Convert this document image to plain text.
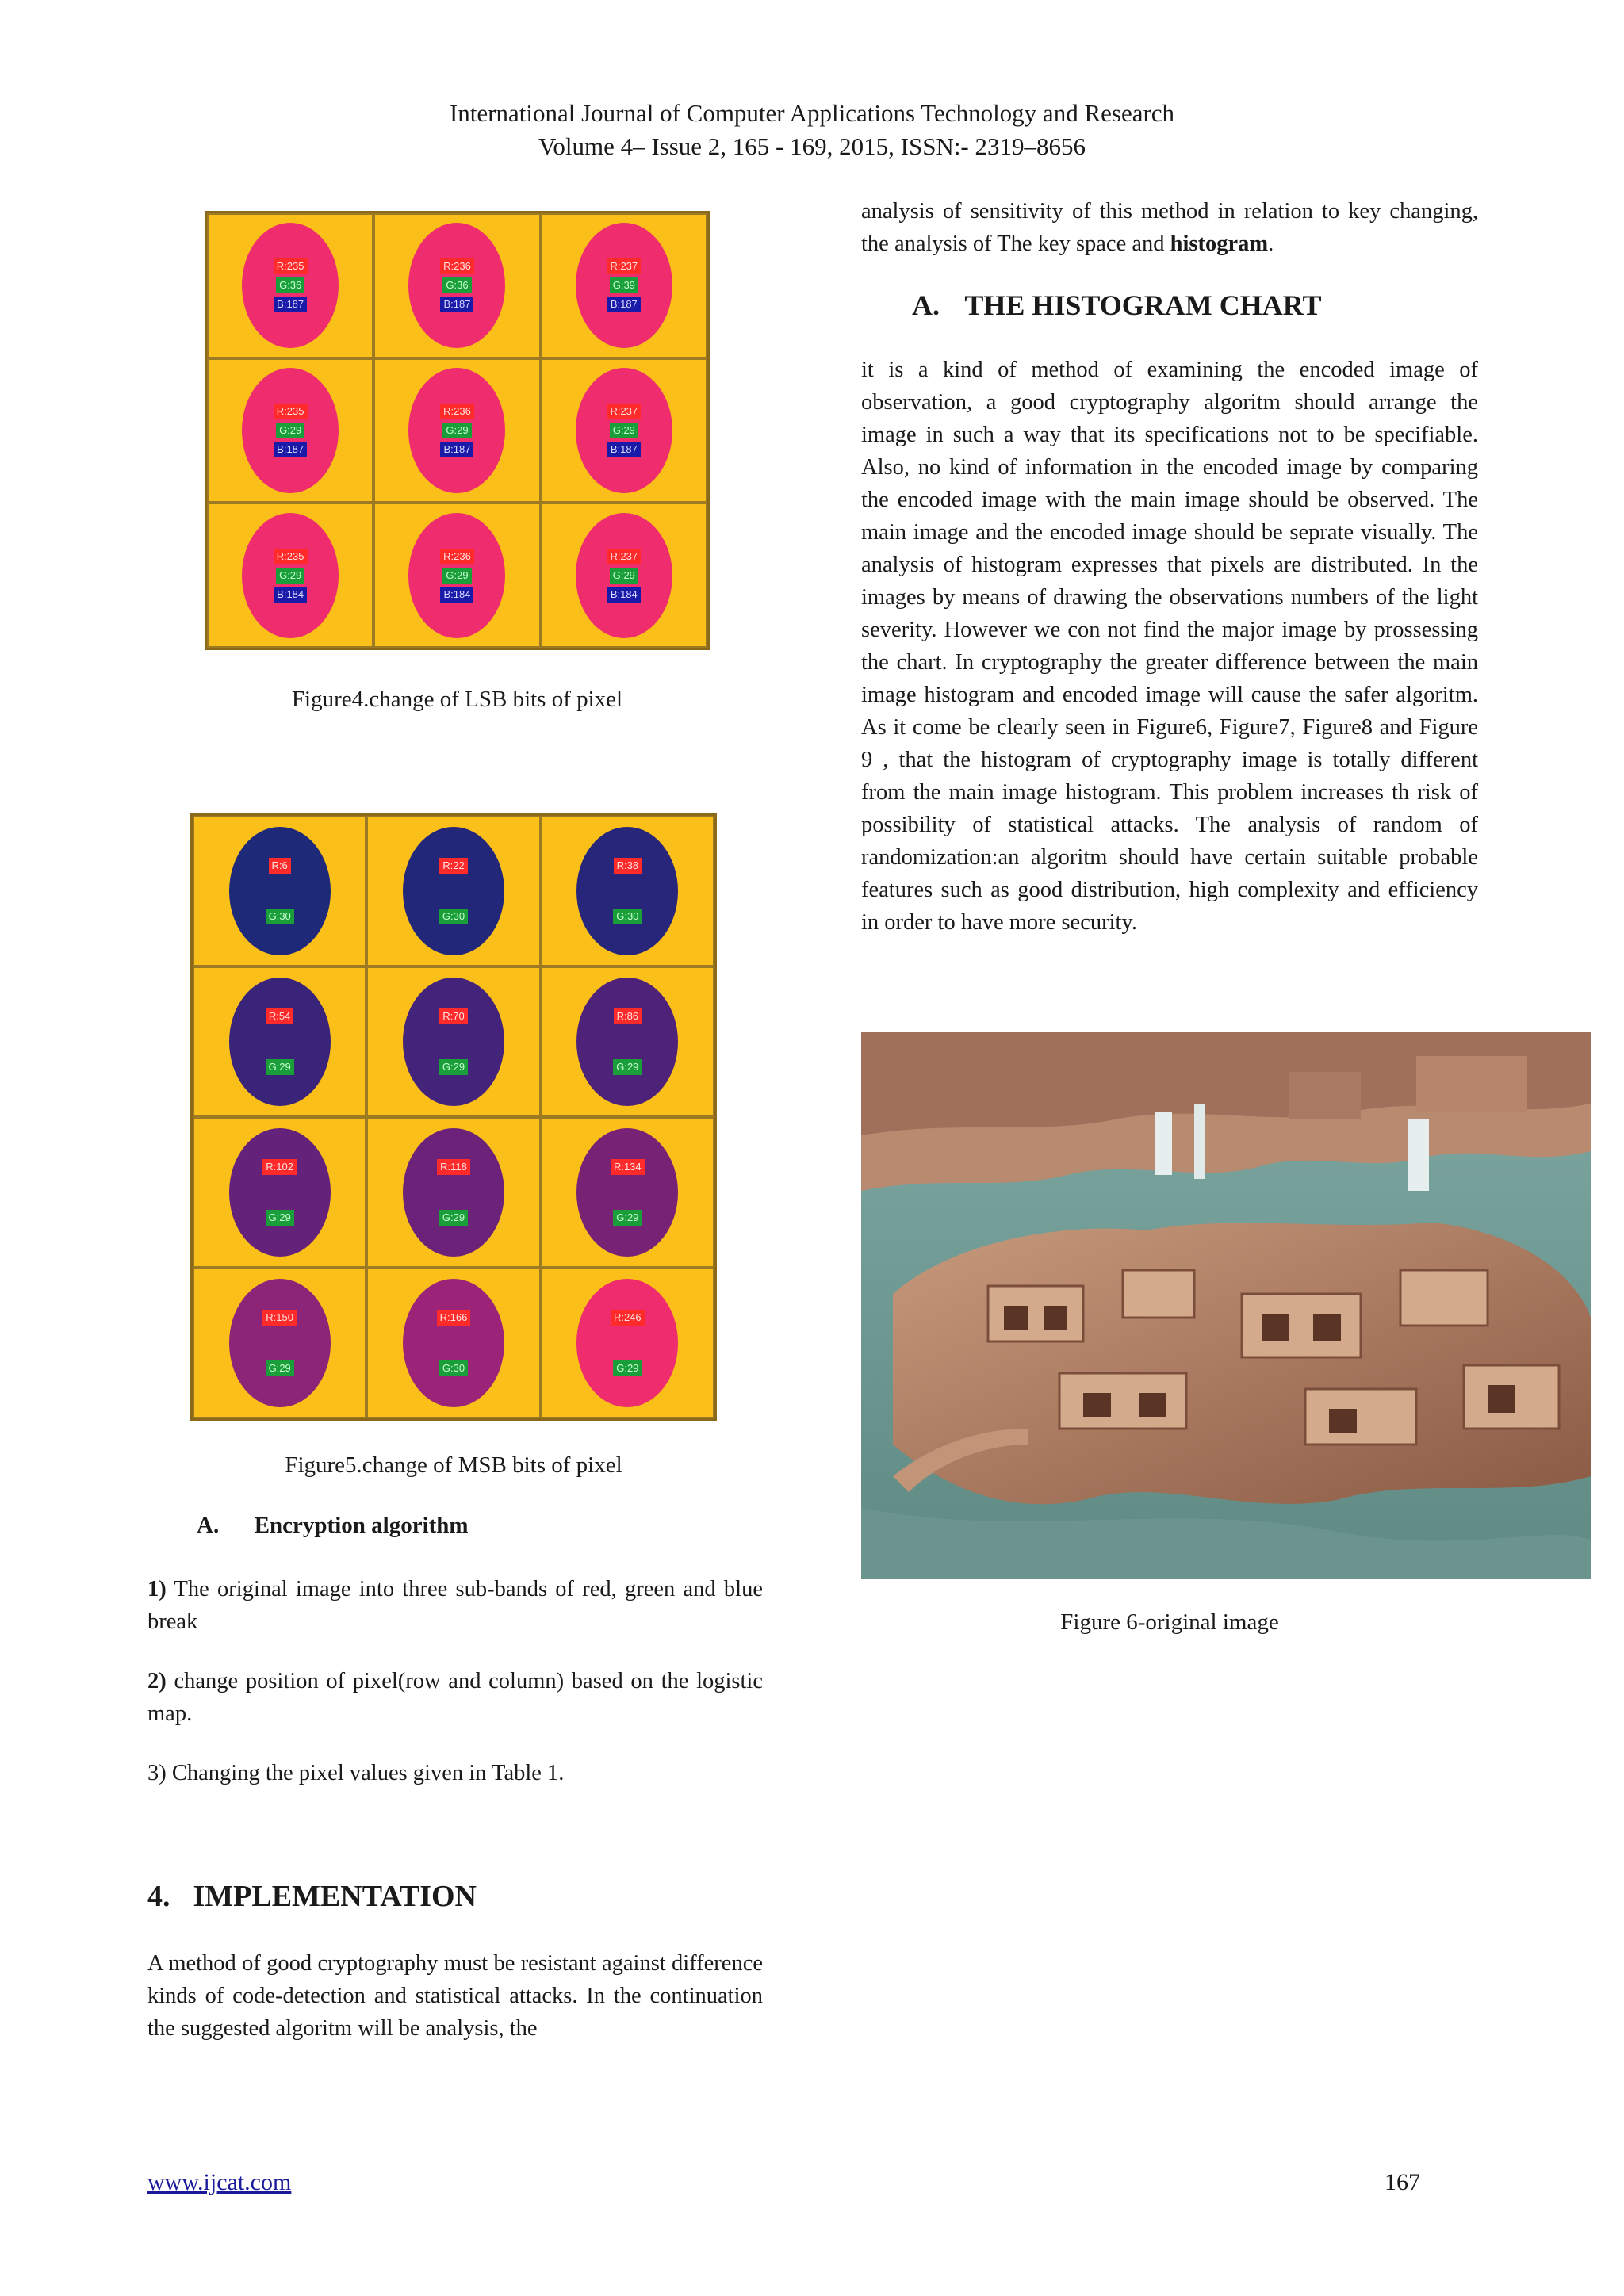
International Journal of Computer Applications Technology and Research
Volume 4– Issue 2, 165 - 169, 2015, ISSN:- 2319–8656
R:235
G:36
B:187
R:236
G:36
B:187
R:237
G:39
B:187
R:235
G:29
B:187
R:236
G:29
B:187
R:237
G:29
B:187
R:235
G:29
B:184
R:236
G:29
B:184
R:237
G:29
B:184
Figure4.change of LSB bits of pixel
R:6
G:30
R:22
G:30
R:38
G:30
R:54
G:29
R:70
G:29
R:86
G:29
R:102
G:29
R:118
G:29
R:134
G:29
R:150
G:29
R:166
G:30
R:246
G:29
Figure5.change of MSB bits of pixel
A. Encryption algorithm

1) The original image into three sub-bands of red, green and blue break

2) change position of pixel(row and column) based on the logistic map.

3) Changing the pixel values given in Table 1.
4. IMPLEMENTATION
A method of good cryptography must be resistant against difference kinds of code-detection and statistical attacks. In the continuation the suggested algoritm will be analysis, the

analysis of sensitivity of this method in relation to key changing, the analysis of The key space and histogram.

A. THE HISTOGRAM CHART
it is a kind of method of examining the encoded image of observation, a good cryptography algoritm should arrange the image in such a way that its specifications not to be specifiable. Also, no kind of information in the encoded image by comparing the encoded image with the main image should be observed. The main image and the encoded image should be seprate visually. The analysis of histogram expresses that pixels are distributed. In the images by means of drawing the observations numbers of the light severity. However we con not find the major image by prossessing the chart. In cryptography the greater difference between the main image histogram and encoded image will cause the safer algoritm. As it come be clearly seen in Figure6, Figure7, Figure8 and Figure 9 , that the histogram of cryptography image is totally different from the main image histogram. This problem increases th risk of possibility of statistical attacks. The analysis of random of randomization:an algoritm should have certain suitable probable features such as good distribution, high complexity and efficiency in order to have more security.
Figure 6-original image
www.ijcat.com	167
